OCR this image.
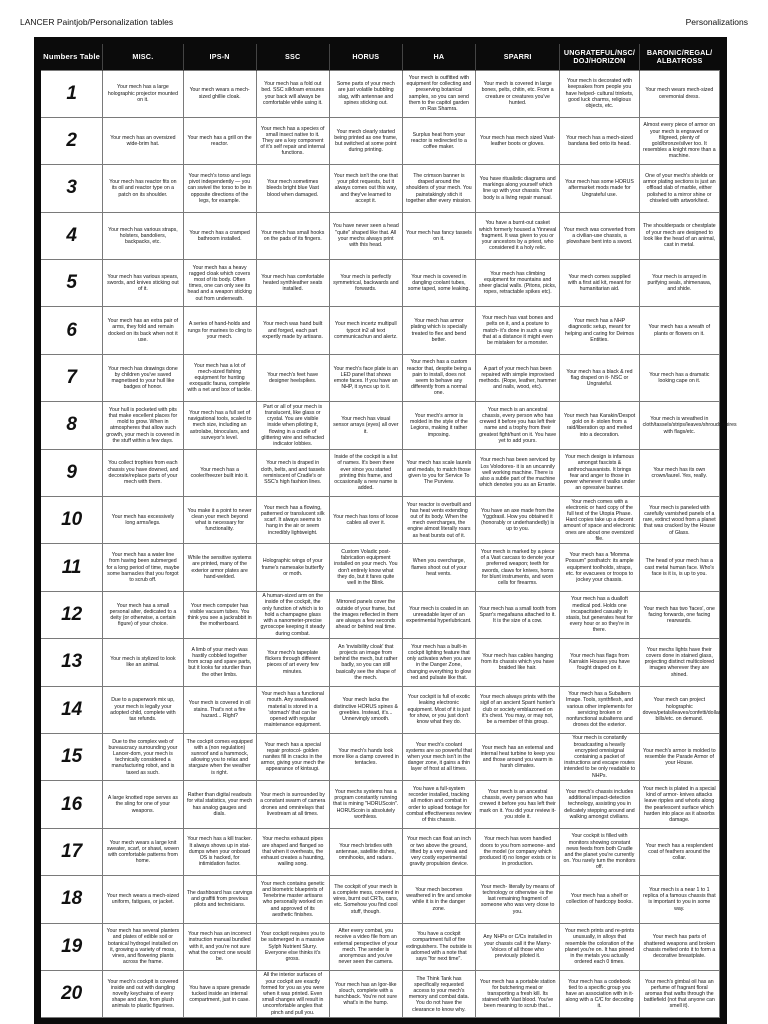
LANCER Paintjob/Personalization tables	Personalizations
Numbers Table	MISC.	IPS-N	SSC	HORUS	HA	SPARRI	UNGRATEFUL/NSC/ DOJ/HORIZON	BARONIC/REGAL/ ALBATROSS
1	Your mech has a large holographic projector mounted on it.	Your mech wears a mech-sized ghillie cloak.	Your mech has a fold out bed. SSC silkfoam ensures your back will always be comfortable while using it.	Some parts of your mech are just volatile bubbling slag, with antennae and spines sticking out.	Your mech is outfitted with equipment for collecting and preserving botanical samples, so you can send them to the capitol garden on Ras Shamra.	Your mech is covered in large bones, pelts, chitin, etc. From a creature or creatures you've hunted.	Your mech is decorated with keepsakes from people you have helped- cultural trinkets, good luck charms, religious objects, etc.	Your mech wears mech-sized ceremonial dress.

2	Your mech has an oversized wide-brim hat.	Your mech has a grill on the reactor.	Your mech has a species of small insect native to it. They are a key component of it's self repair and internal functions.	Your mech clearly started being printed as one frame, but switched at some point during printing.	Surplus heat from your reactor is redirected to a coffee maker.	Your mech has mech sized Vast-leather boots or gloves.	Your mech has a mech-sized bandana tied onto its head.	Almost every piece of armor on your mech is engraved or filigreed, plenty of gold/bronze/silver too. It resembles a knight more than a machine.

3	Your mech has reactor fits on its oil and reactor type on a patch on its shoulder.	Your mech's torso and legs pivot independently — you can swivel the torso to be in opposite directions of the legs, for example.	Your mech sometimes bleeds bright blue Vast blood when damaged.	Your mech isn't the one that your pilot requests, but it always comes out this way, and they've learned to accept it.	The crimson banner is draped around the shoulders of your mech. You painstakingly stich it together after every mission.	You have ritualistic diagrams and markings along yourself which line up with your chassis. Your body is a living repair manual.	Your mech has some HORUS aftermarket mods made for Ungrateful use.	One of your mech's shields or armor plating sections is just an offload slab of marble, either polished to a mirror shine or chiseled with artwork/text.

4	Your mech has various straps, holsters, bandoliers, backpacks, etc.	Your mech has a cramped bathroom installed.	Your mech has small hooks on the pads of its fingers.	You have never seen a head "quite" shaped like that. All your mechs always print with this head.	Your mech has fancy tassels on it.	You have a burnt-out casket which formerly housed a Yinneval fragment. It was given to you or your ancestors by a priest, who considered it a holy relic.	Your mech was converted from a civilian-use chassis, a plowshare bent into a sword.	The shoulderpads or chestplate of your mech are designed to look like the head of an animal, cast in metal.

5	Your mech has various spears, swords, and knives sticking out of it.	Your mech has a heavy ragged cloak which covers most of its body. Often times, one can only see its head and a weapon sticking out from underneath.	Your mech has comfortable heated synthleather seats installed.	Your mech is perfectly symmetrical, backwards and forwards.	Your mech is covered in dangling coolant tubes, some taped, some leaking.	Your mech has climbing equipment for mountains and sheer glacial walls. (Pitons, picks, ropes, retractable spikes etc).	Your mech comes supplied with a first aid kit, meant for humanitarian aid.	Your mech is arrayed in purifying seals, shimenawa, and shide.

6	Your mech has an extra pair of arms, they fold and remain docked on its back when not it use.	A series of hand-holds and rungs for marines to cling to your mech.	Your mech was hand built and forged, each part expertly made by artisans.	Your mech incertz multipull typcot in2 all text communicachun and alertz.	Your mech has armor plating which is specially treated to flex and bend better.	Your mech has vast bones and pelts on it, and a posture to match- it's done in such a way that at a distance it might even be mistaken for a monster.	Your mech has a NHP diagnostic setup, meant for helping and caring for Deimos Entities.	Your mech has a wreath of plants or flowers on it.

7	Your mech has drawings done by children you've saved magnetised to your hull like badges of honor.	Your mech has a lot of mech-sized fishing equipment for hunting exoquatic fauna, complete with a net and box of tackle.	Your mech's feet have designer heelspikes.	Your mech's face plate is an LED panel that shows emote faces. If you have an NHP, it syncs up to it.	Your mech has a custom reactor that, despite being a pain to install, does not seem to behave any differently from a normal one.	A part of your mech has been repaired with simple improvised methods. (Rope, leather, hammer and nails, wood, etc).	Your mech has a black & red flag draped on it- NSC or Ungrateful.	Your mech has a dramatic looking cape on it.

8	Your hull is pocketed with pits that make excellent places for mold to grow. When in atmospheres that allow such growth, your mech is covered in the stuff within a few days.	Your mech has a full set of navigational tools, scaled to mech size, including an astrolabe, binoculars, and surveyor's level.	Part or all of your mech is translucent, like glass or crystal. You are visible inside when piloting it, flowing in a cradle of glittering wire and refracted indicator lobbies.	Your mech has visual sensor arrays (eyes) all over it.	Your mech's armor is molded in the style of the Legions, making it rather imposing.	Your mech is an ancestral chassis, every person who has crewed it before you has left their name and a trophy from their greatest fight/hunt on it. You have yet to add yours.	Your mech has Karakin/Despot gold on it- stolen from a raid/liberation op and melted into a decoration.	Your mech is wreathed in cloth/tassels/strips/leaves/shrouds/spires with flags/etc.

9	You collect trophies from each chassis you have downed, and decorate/replace parts of your mech with them.	Your mech has a cooler/freezer built into it.	Your mech is draped in cloth, belts, and and tassels reminiscent of Cradle's or SSC's high fashion lines.	Inside of the cockpit is a list of names. It's been there ever since you started printing this frame, and occasionally a new name is added.	Your mech has scale laurels and medals, to match those given to you for Service To The Purview.	Your mech has been serviced by Los Volodores- it is an uncannily well working machine. There is also a subtle part of the machine which denotes you as an Errante.	Your mech design is infamous amongst fascists & anthrochauvanists. It brings fear and anger to those in power whenever it walks under an opressive banner.	Your mech has its own crown/laurel. Yes, really.

10	Your mech has excessively long arms/legs.	You make it a point to never clean your mech beyond what is necessary for functionality.	Your mech has a flowing, patterned or translucent silk scarf. It always seems to hang in the air or seem incredibly lightweight.	Your mech has tons of loose cables all over it.	Your reactor is overbuilt and has heat vents extending out of its body. When the mech overcharges, the engine almost literally roars as heat bursts out of it.	You have an axe made from the Yggdrasil. How you obtained it (honorably or underhandedly) is up to you.	Your mech comes with a electronic or hard copy of the full text of the Utopia Phase. Hard copies take up a decent amount of space and electronic ones are about one oversized file.	Your mech is paneled with carefully varnished panels of a rare, extinct wood from a planet that was cracked by the House of Glass.

11	Your mech has a water line from having been submerged for a long period of time, maybe some barnacles that you forgot to scrub off.	While the sensitive systems are printed, many of the exterior armor plates are hand-welded.	Holographic wings of your frame's namesake butterfly or moth.	Custom Voladic post-fabrication equipment installed on your mech. You don't entirely know what they do, but it fares quite well in the Blink.	When you overcharge, flames shoot out of your heat vents.	Your mech is marked by a piece of a Vast carcass to denote your preferred weapon; teeth for swords, claws for knives, horns for blunt instruments, and worn cells for firearms.	Your mech has a 'Momma Possum'' posthatch: its ample equipment toolholds, straps, etc. for evacuees or troops to jockey your chassis.	The head of your mech has a cast metal human face. Who's face is it is, is up to you.

12	Your mech has a small personal alter, dedicated to a deity (or otherwise, a certain figure) of your choice.	Your mech computer has visible vacuum tubes. You think you see a jackrabbit in the motherboard.	A human-sized arm on the inside of the cockpit, the only function of which is to hold a champagne glass with a nanometer-precise gyroscope keeping it steady during combat.	Mirrored panels cover the outside of your frame, but the images reflected in them are always a few seconds ahead or behind real time.	Your mech is coated in an unreadable layer of an experimental hyperlubricant.	Your mech has a small tooth from Sparr's megafauna attached to it. It is the size of a cow.	Your mech has a dualloft medical pod. Holds one incapacitated casualty in stasis, but generates heat for every hour or so they're in there.	Your mech has two 'faces', one facing forwards, one facing rearwards.

13	Your mech is stylized to look like an animal.	A limb of your mech was hastily cobbled together from scrap and spare parts, but it looks far sturdier than the other limbs.	Your mech's tapeplate flickers through different pieces of art every few minutes.	An 'invisibility cloak' that projects an image from behind the mech, but rather badly, so you can still basically see the shape of the mech.	Your mech has a built-in cockpit lighting feature that only activates when you are in the Danger Zone, changing everything to glow red and pulsate like that.	Your mech has cables hanging from its chassis which you have braided like hair.	Your mech has flags from Karrakin Houses you have fought draped on it.	Your mechs lights have their covers done in stained glass, projecting distinct multicolored images wherever they are shined.

14	Due to a paperwork mix up, your mech is legally your adopted child, complete with tax refunds.	Your mech is covered in oil stains. That's not a fire hazard... Right?	Your mech has a functional mouth. Any swallowed material is stored in a 'stomach' that can be opened with regular maintenance equipment.	Your mech lacks the distinctive HORUS spines & greebles. Instead, it's... Unnervingly smooth.	Your cockpit is full of exotic leaking electronic equipment. Most of it is just for show, or you just don't know what they do.	Your mech always prints with the sigil of an ancient Sparri hunter's club or society emblazoned on it's chest. You may, or may not, be a member of this group.	Your mech has a Subaltern Image. Tools, synthflesh, and various other implements for servicing broken or nonfunctional subalterns and drones dot the exterior.	Your mech can project holographic doves/petals/leaves/confetti/dollar bills/etc. on demand.

15	Due to the complex web of bureaucracy surrounding your Lancer-dom, your mech is technically considered a manufacturing robot, and is taxed as such.	The cockpit comes equipped with a (non regulation) sunroof and a hammock, allowing you to relax and stargaze when the weather is right.	Your mech has a special repair protocol- golden nanites fill in cracks in the armor, giving your mech the appearance of kintsugi.	Your mech's hands look more like a clamp covered in tentacles.	Your mech's coolant systems are so powerful that when your mech isn't in the danger zone, it gains a thin layer of frost at all times.	Your mech has an external and internal heat turbine to keep you and those around you warm in harsh climates.	Your mech is constantly broadcasting a heavily encrypted omnisignal containing a packet of instructions and escape routes intended to be only readable to NHPs.	Your mech's armor is molded to resemble the Parade Armor of your House.

16	A large knotted rope serves as the sling for one of your weapons.	Rather than digital readouts for vital statistics, your mech has analog gauges and dials.	Your mech is surrounded by a constant swarm of camera drones and omnirelays that livestream at all times.	Your mechs systems has a program constantly running that is mining "HORUScoin". HORUScoin is absolutely worthless.	You have a full-system recorder installed, tracking all motion and combat in order to upload footage for combat effectiveness review of this chassis.	Your mech is an ancestral chassis, every person who has crewed it before you has left their mark on it. You did your review it- you stole it.	Your mech's chassis includes additional impact-detection technology, assisting you in delicately stepping around and walking amongst civilians.	Your mech is plated in a special kind of armor- knives attacks leave ripples and whorls along the pearlescent surface which harden into place as it absorbs damage.

17	Your mech wears a large knit sweater, scarf, or shawl, woven with comfortable patterns from home.	Your mech has a kill tracker. It always shows up in stat-dumps when your onboard OS is hacked, for intimidation factor.	Your mechs exhaust pipes are shaped and flanged so that when it overheats, the exhaust creates a haunting, wailing song.	Your mech bristles with antennae, satellite dishes, omnihooks, and radars.	Your mech can float an inch or two above the ground, lifted by a very weak and very costly experimental gravity propulsion device.	Your mech has worn handled doors to you from someone- and the model (or company which produced it) no longer exists or is in production.	Your cockpit is filled with monitors showing constant news feeds from both Cradle and the planet you're currently on. You rarely turn the monitors off.	Your mech has a resplendent coat of feathers around the collar.

18	Your mech wears a mech-sized uniform, fatigues, or jacket.	The dashboard has carvings and graffiti from previous pilots and technicians.	Your mech contains genetic and biometric blueprints of Tenebrine master artisans who personally worked on and approved of its aesthetic finishes.	The cockpit of your mech is a complete mess, covered in wires, burnt out CRTs, cans, etc. Somehow you find cool stuff, though.	Your mech becomes weathered in fire and smoke while it is in the danger zone.	Your mech- literally by means of technology or otherwise -is the last remaining fragment of someone who was very close to you.	Your mech has a shelf or collection of hardcopy books.	Your mech is a near 1 to 1 replica of a famous chassis that is important to you in some way.

19	Your mech has several planters and plates of edible soil or botanical hydrogel installed on it, growing a variety of moss, vines, and flowering plants across the frame.	Your mech has an incorrect instruction manual bundled with it, and you're not sure what the correct one would be.	Your cockpit requires you to be submerged in a massive Sylph Nutrient Slurry. Everyone else thinks it's gross.	After every combat, you receive a video file from an external perspective of your mech. The sender is anonymous and you've never seen the camera.	You have a cockpit compartment full of fire extinguishers. The outside is adorned with a note that says "for next time".	Any NHPs or C/Cs installed in your chassis call it the Marry-Voices of all those who previously piloted it.	Your mech prints and re-prints unusually, in alloys that resemble the coloration of the planet you're on. It has pinned in the metals you actually ordered each 0 times.	Your mech has parts of shattered weapons and broken chassis melted onto it to form a decorative breastplate.

20	Your mech's cockpit is covered inside and out with dangling novelty keychains of every shape and size, from plush animals to plastic figurines.	You have a spare grenade tucked inside an internal compartment, just in case.	All the interior surfaces of your cockpit are exactly formed for you as you were when it was printed. Even small changes will result in uncomfortable angles that pinch and pull you.	Your mech has an Igor-like slouch, complete with a hunchback. You're not sure what's in the hump.	The Think Tank has specifically requested access to your mech's memory and combat data. You do not have the clearance to know why.	Your mech has a portable station for butchering meat or transporting a fresh kill. Its stained with Vast blood. You've been meaning to scrub that...	Your mech has a codebook tied to a specific group you have an association with in it- along with a C/C for decoding it.	Your mech's gimbal oil has an perfume of fragrant floral aromas that wafts through the battlefield (not that anyone can smell it).
